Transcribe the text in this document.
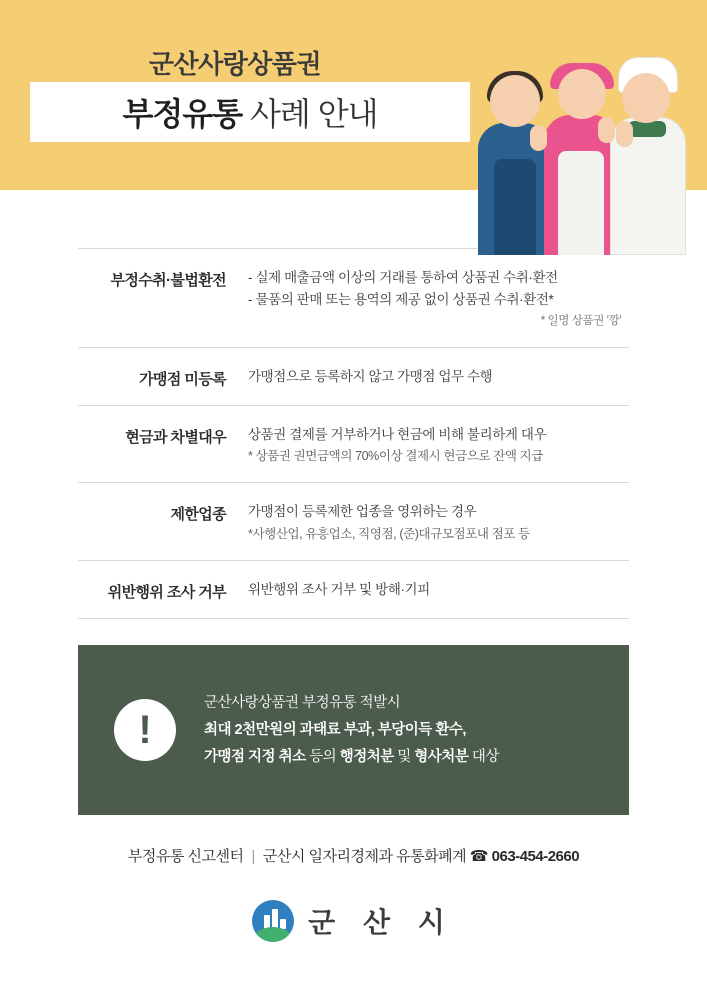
군산사랑상품권
부정유통 사례 안내
부정수취·불법환전	- 실제 매출금액 이상의 거래를 통하여 상품권 수취·환전
- 물품의 판매 또는 용역의 제공 없이 상품권 수취·환전*
* 일명 상품권 '깡'
가맹점 미등록	가맹점으로 등록하지 않고 가맹점 업무 수행
현금과 차별대우	상품권 결제를 거부하거나 현금에 비해 불리하게 대우
* 상품권 권면금액의 70%이상 결제시 현금으로 잔액 지급
제한업종	가맹점이 등록제한 업종을 영위하는 경우
*사행산업, 유흥업소, 직영점, (준)대규모점포내 점포 등
위반행위 조사 거부	위반행위 조사 거부 및 방해·기피
!
군산사랑상품권 부정유통 적발시
최대 2천만원의 과태료 부과, 부당이득 환수,
가맹점 지정 취소 등의 행정처분 및 형사처분 대상
부정유통 신고센터 | 군산시 일자리경제과 유통화폐계 ☎ 063-454-2660
군 산 시
